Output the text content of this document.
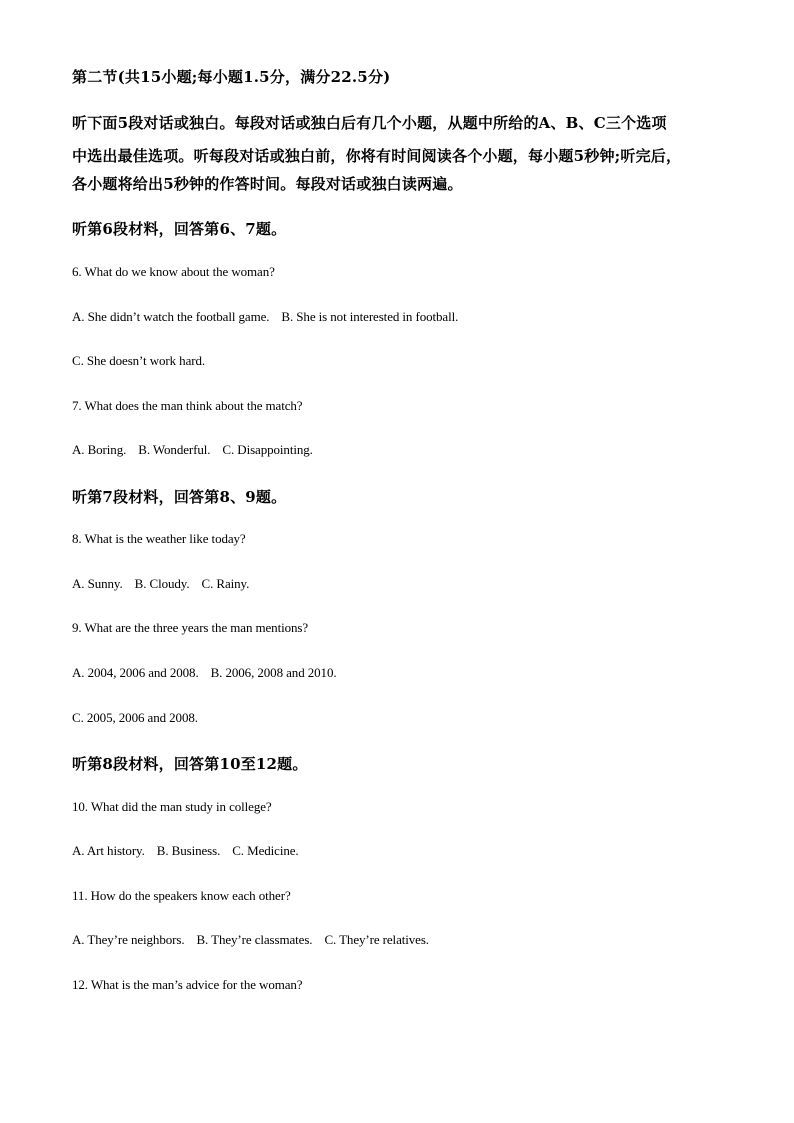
第二节(共15小题;每小题1.5分，满分22.5分)
听下面5段对话或独白。每段对话或独白后有几个小题，从题中所给的A、B、C三个选项
中选出最佳选项。听每段对话或独白前，你将有时间阅读各个小题，每小题5秒钟;听完后，
各小题将给出5秒钟的作答时间。每段对话或独白读两遍。
听第6段材料，回答第6、7题。
6. What do we know about the woman?
A. She didn’t watch the football game. B. She is not interested in football.
C. She doesn’t work hard.
7. What does the man think about the match?
A. Boring. B. Wonderful. C. Disappointing.
听第7段材料，回答第8、9题。
8. What is the weather like today?
A. Sunny. B. Cloudy. C. Rainy.
9. What are the three years the man mentions?
A. 2004, 2006 and 2008. B. 2006, 2008 and 2010.
C. 2005, 2006 and 2008.
听第8段材料，回答第10至12题。
10. What did the man study in college?
A. Art history. B. Business. C. Medicine.
11. How do the speakers know each other?
A. They’re neighbors. B. They’re classmates. C. They’re relatives.
12. What is the man’s advice for the woman?
